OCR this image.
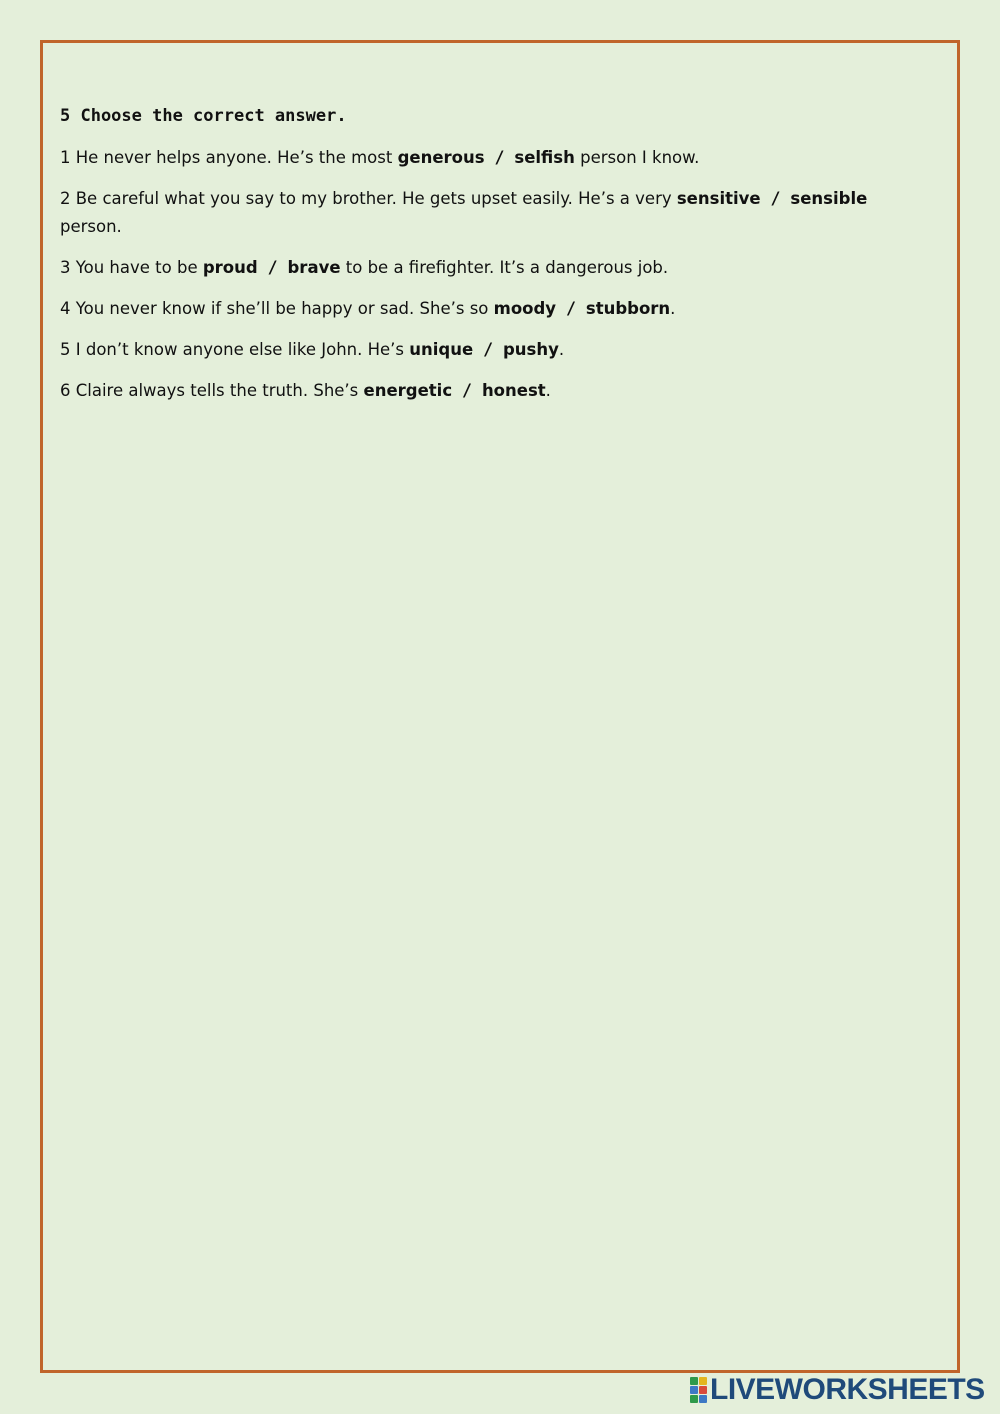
5 Choose the correct answer.
1 He never helps anyone. He’s the most generous / selfish person I know.
2 Be careful what you say to my brother. He gets upset easily. He’s a very sensitive / sensible person.
3 You have to be proud / brave to be a firefighter. It’s a dangerous job.
4 You never know if she’ll be happy or sad. She’s so moody / stubborn.
5 I don’t know anyone else like John. He’s unique / pushy.
6 Claire always tells the truth. She’s energetic / honest.
LIVEWORKSHEETS
